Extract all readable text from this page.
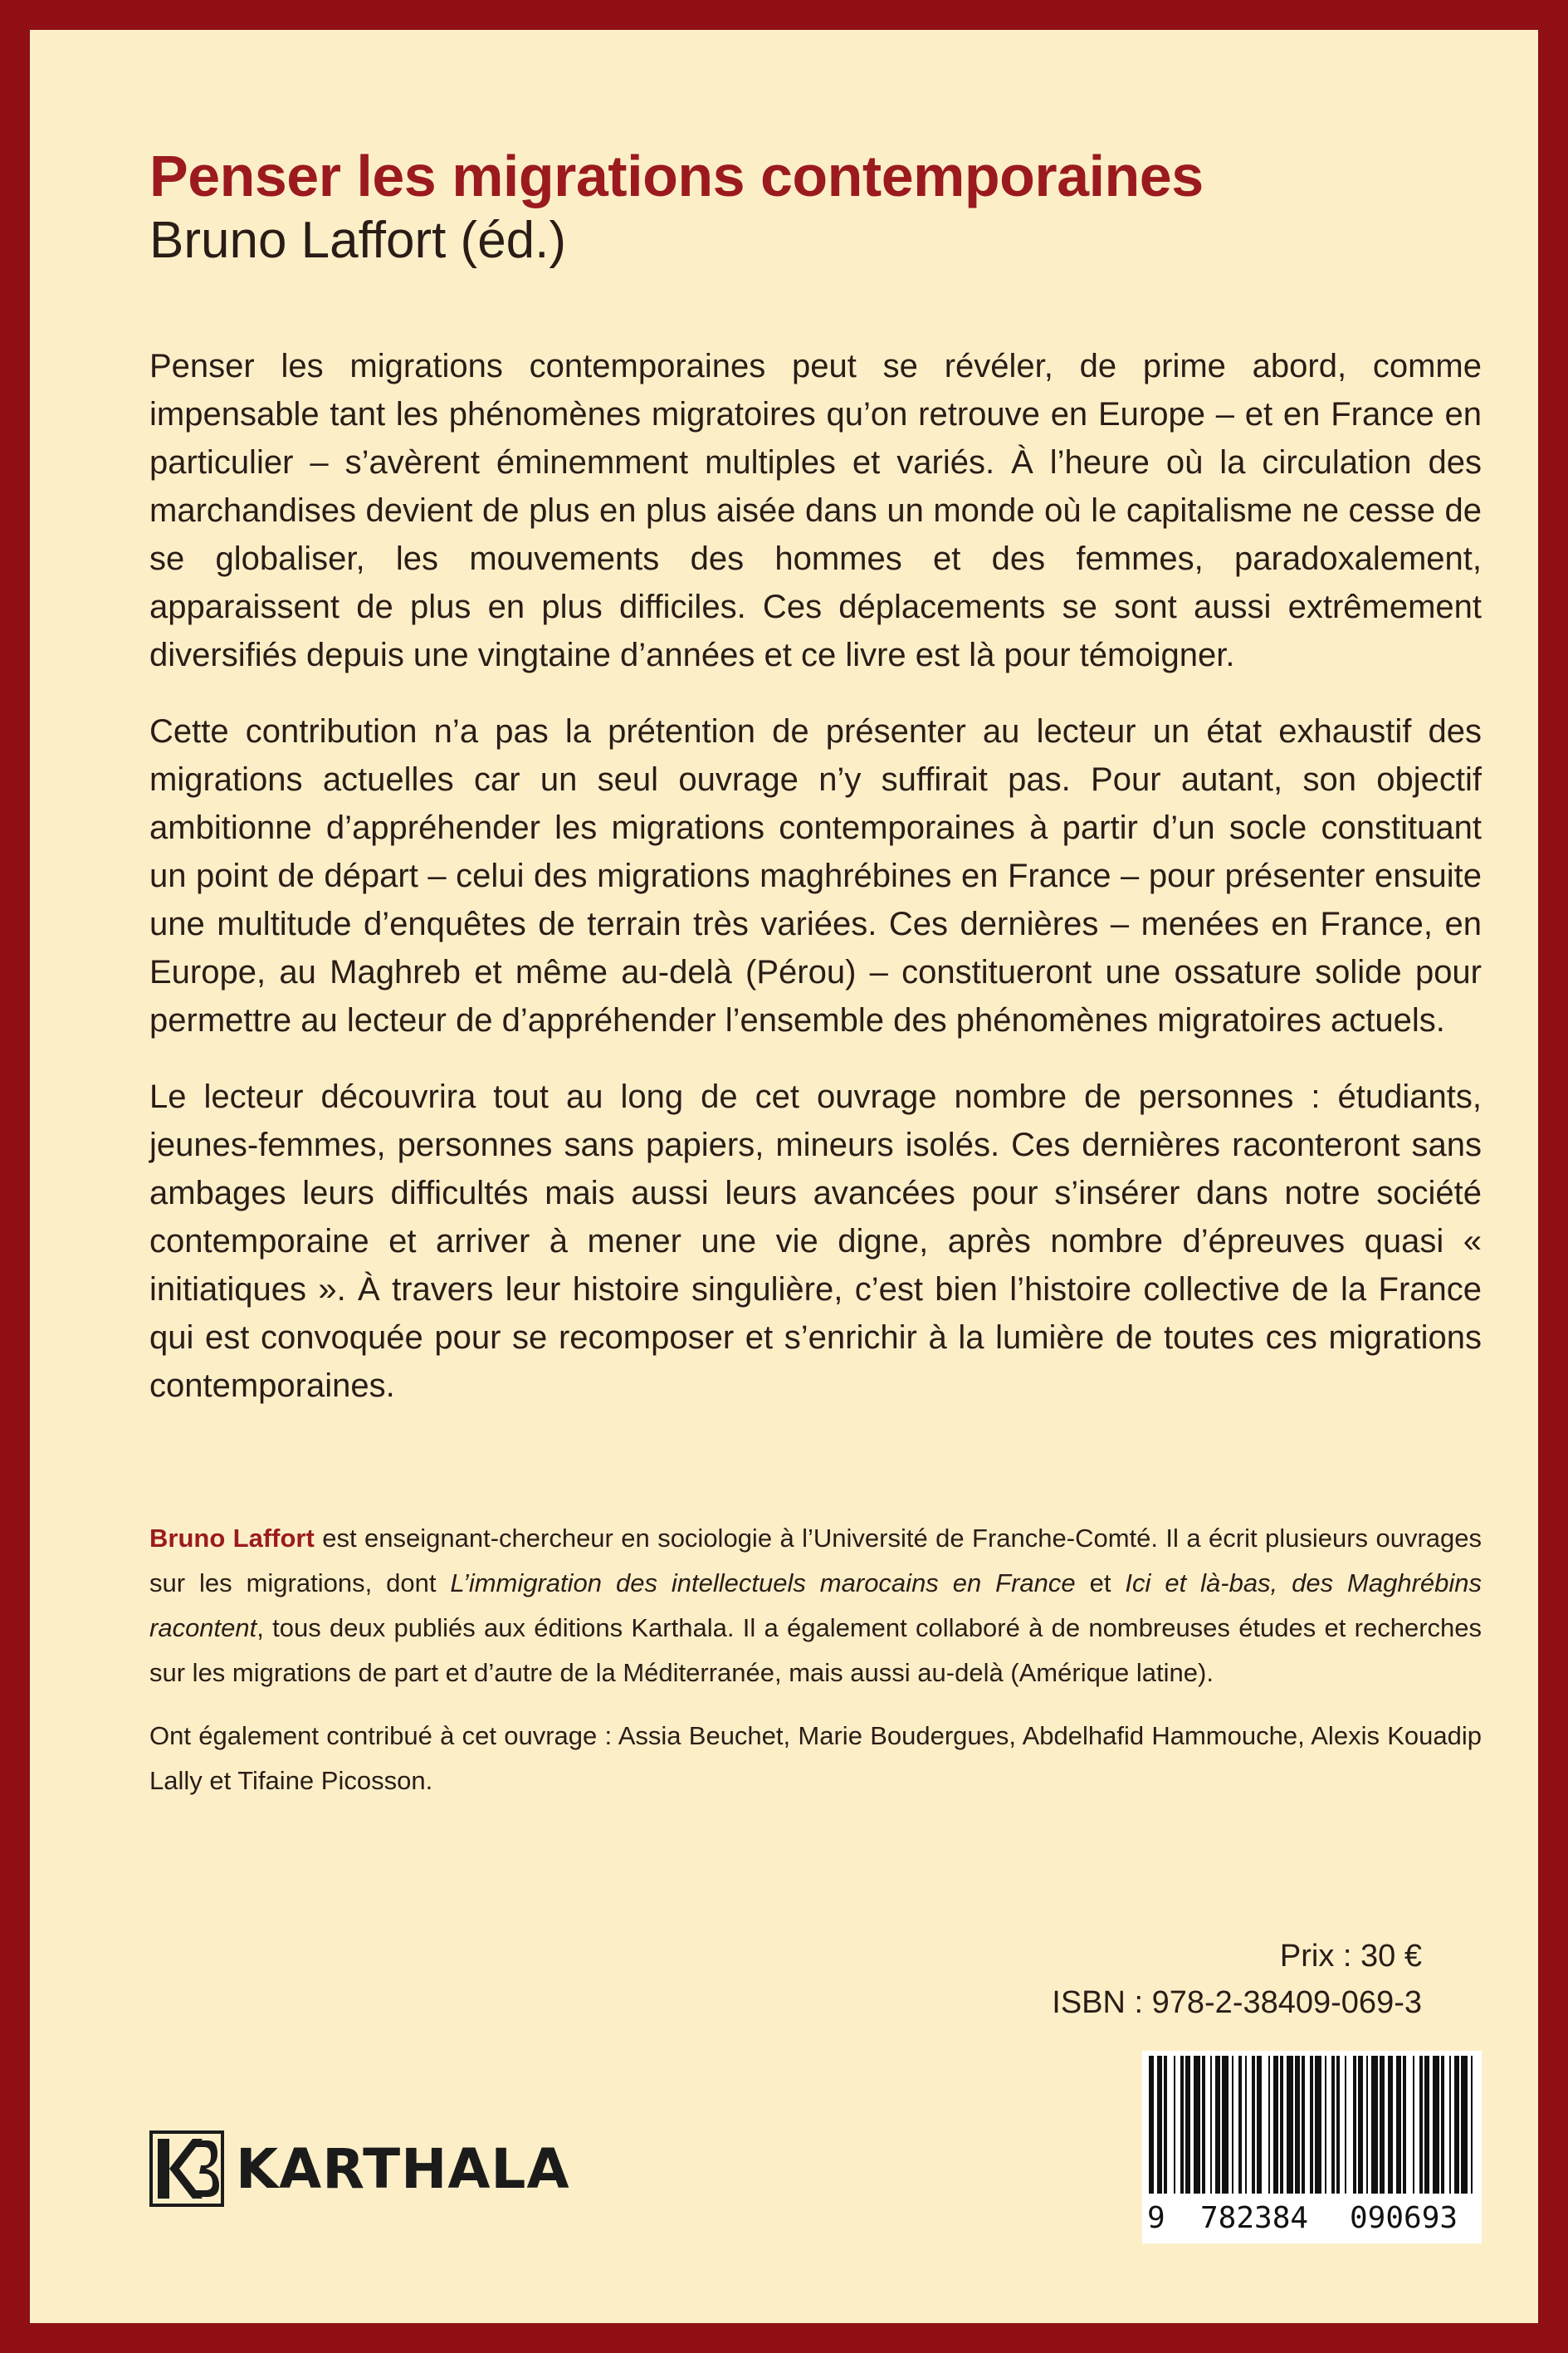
Penser les migrations contemporaines

Bruno Laffort (éd.)

Penser les migrations contemporaines peut se révéler, de prime abord, comme impensable tant les phénomènes migratoires qu’on retrouve en Europe – et en France en particulier – s’avèrent éminemment multiples et variés. À l’heure où la circulation des marchandises devient de plus en plus aisée dans un monde où le capitalisme ne cesse de se globaliser, les mouvements des hommes et des femmes, paradoxalement, apparaissent de plus en plus difficiles. Ces déplacements se sont aussi extrêmement diversifiés depuis une vingtaine d’années et ce livre est là pour témoigner.

Cette contribution n’a pas la prétention de présenter au lecteur un état exhaustif des migrations actuelles car un seul ouvrage n’y suffirait pas. Pour autant, son objectif ambitionne d’appréhender les migrations contemporaines à partir d’un socle constituant un point de départ – celui des migrations maghrébines en France – pour présenter ensuite une multitude d’enquêtes de terrain très variées. Ces dernières – menées en France, en Europe, au Maghreb et même au-delà (Pérou) – constitueront une ossature solide pour permettre au lecteur de d’appréhender l’ensemble des phénomènes migratoires actuels.

Le lecteur découvrira tout au long de cet ouvrage nombre de personnes : étudiants, jeunes-femmes, personnes sans papiers, mineurs isolés. Ces dernières raconteront sans ambages leurs difficultés mais aussi leurs avancées pour s’insérer dans notre société contemporaine et arriver à mener une vie digne, après nombre d’épreuves quasi « initiatiques ». À travers leur histoire singulière, c’est bien l’histoire collective de la France qui est convoquée pour se recomposer et s’enrichir à la lumière de toutes ces migrations contemporaines.

Bruno Laffort est enseignant-chercheur en sociologie à l’Université de Franche-Comté. Il a écrit plusieurs ouvrages sur les migrations, dont L’immigration des intellectuels marocains en France et Ici et là-bas, des Maghrébins racontent, tous deux publiés aux éditions Karthala. Il a également collaboré à de nombreuses études et recherches sur les migrations de part et d’autre de la Méditerranée, mais aussi au-delà (Amérique latine).

Ont également contribué à cet ouvrage : Assia Beuchet, Marie Boudergues, Abdelhafid Hammouche, Alexis Kouadip Lally et Tifaine Picosson.

Prix : 30 €
ISBN : 978-2-38409-069-3
9 782384 090693
KARTHALA
